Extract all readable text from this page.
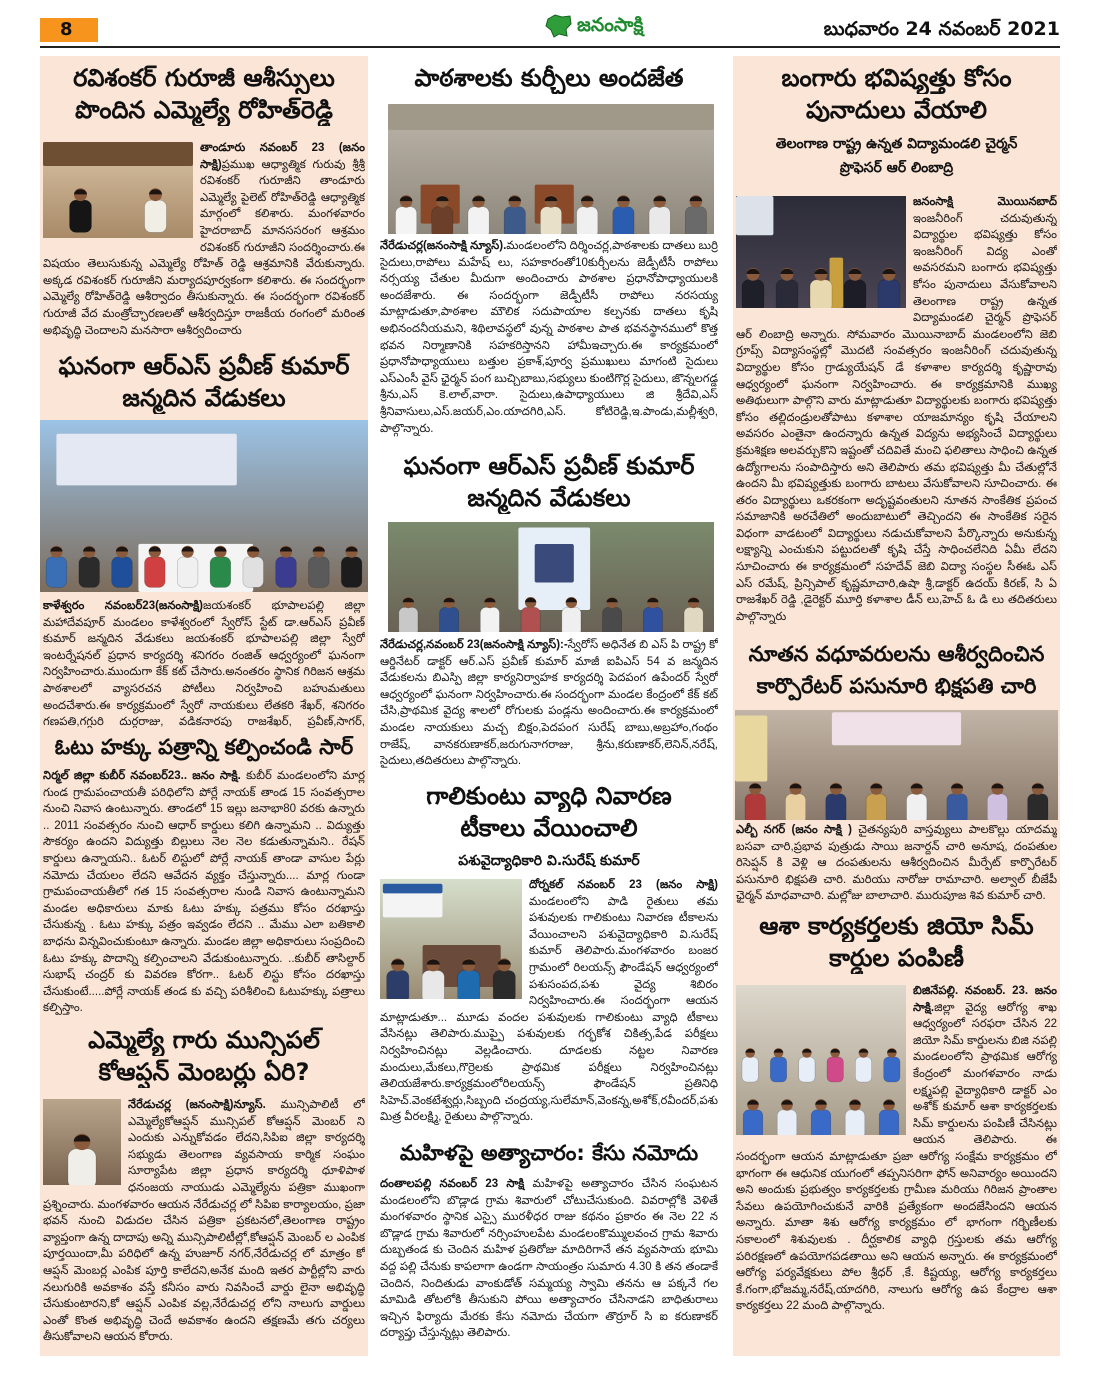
8	జనంసాక్షి	బుధవారం 24 నవంబర్ 2021
రవిశంకర్ గురూజీ ఆశీస్సులు
పొందిన ఎమ్మెల్యే రోహిత్‌రెడ్డి
తాండూరు నవంబర్ 23 (జనం సాక్షి)ప్రముఖ ఆధ్యాత్మిక గురువు శ్రీశ్రీ రవిశంకర్ గురూజీని తాండూరు ఎమ్మెల్యే పైలెట్ రోహిత్‌రెడ్డి ఆధ్యాత్మిక మార్గంలో కలిశారు. మంగళవారం హైదరాబాద్ మానససరంగ ఆశ్రమం రవిశంకర్ గురూజీని సందర్శించారు.ఈ విషయం తెలుసుకున్న ఎమ్మెల్యే రోహిత్ రెడ్డి ఆశ్రమానికి వేరుకున్నారు. అక్కడ రవిశంకర్ గురూజీని మర్యాదపూర్వకంగా కలిశారు. ఈ సందర్భంగా ఎమ్మెల్యే రోహిత్‌రెడ్డి ఆశీర్వాదం తీసుకున్నారు. ఈ సందర్భంగా రవిశంకర్ గురూజీ వేద మంత్రోచ్ఛారణలతో ఆశీర్వదిస్తూ రాజకీయ రంగంలో మరింత అభివృద్ధి చెందాలని మనసారా ఆశీర్వదించారు
ఘనంగా ఆర్ఎస్ ప్రవీణ్ కుమార్
జన్మదిన వేడుకలు
కాళేశ్వరం నవంబర్23(జనంసాక్షి)జయశంకర్ భూపాలపల్లి జిల్లా మహాదేవపూర్ మండలం కాళేశ్వరంలో స్వేరోస్ స్టేట్ డా.ఆర్ఎస్ ప్రవీణ్ కుమార్ జన్మదిన వేడుకలు జయశంకర్ భూపాలపల్లి జిల్లా స్వేరో ఇంటర్నేషనల్ ప్రధాన కార్యదర్శి శనిగరం రంజిత్ ఆధ్వర్యంలో ఘనంగా నిర్వహించారు.ముందుగా కేక్ కట్ చేసారు.అనంతరం స్థానిక గిరిజన ఆశ్రమ పాఠశాలలో వ్యాసరచన పోటీలు నిర్వహించి బహుమతులు అందచేశారు.ఈ కార్యక్రమంలో స్వేరో నాయకులు లేతకరి శేఖర్, శనిగరం గణపతి,గగ్గురి దుర్గరాజు, వడికనారపు రాజశేఖర్, ప్రవీణ్,సాగర్,
ఓటు హక్కు పత్రాన్ని కల్పించండి సార్
నిర్మల్ జిల్లా కుబీర్ నవంబర్23.. జనం సాక్షి. కుబీర్ మండలంలోని మార్ల గుండ గ్రామపంచాయతీ పరిధిలోని పోర్లే నాయక్ తాండ 15 సంవత్సరాల నుంచి నివాస ఉంటున్నారు. తాండలో 15 ఇల్లు జనాభా80 వరకు ఉన్నారు .. 2011 సంవత్సరం నుంచి ఆధార్ కార్డులు కలిగి ఉన్నామని .. విద్యుత్తు సౌకర్యం ఉందని విద్యుత్తు బిల్లులు నెల నెల కడుతున్నామని.. రేషన్ కార్డులు ఉన్నాయని.. ఓటర్ లిస్టులో పోర్లే నాయక్ తాండా వాసుల పేర్లు నమోదు చేయలం లేదని ఆవేదన వ్యక్తం చేస్తున్నారు.... మార్ల గుండా గ్రామపంచాయతీలో గత 15 సంవత్సరాల నుండి నివాస ఉంటున్నామని మండల అధికారులు మాకు ఓటు హక్కు పత్రము కోసం దరఖాస్తు చేసుకున్న . ఓటు హక్కు పత్రం ఇవ్వడం లేదని .. మేము ఎలా బతికాలి బాధను విన్నవించుకుంటూ ఉన్నారు. మండల జిల్లా అధికారులు సంప్రదించి ఓటు హక్కు పొదాన్ని కల్పించాలని వేడుకుంటున్నారు. ..కుబీర్ తాసిల్దార్ సుభాష్ చంద్రర్ కు వివరణ కోరగా.. ఓటర్ లిస్టు కోసం దరఖాస్తు చేసుకుంటే.....పోర్లే నాయక్ తండ కు వచ్చి పరిశీలించి ఓటుహక్కు పత్రాలు కల్పిస్తాం.
ఎమ్మెల్యే గారు మున్సిపల్
కోఆప్షన్ మెంబర్లు ఏరి?
నేరేడుచర్ల (జనంసాక్షి)న్యూస్. మున్సిపాలిటీ లో ఎమ్మెల్యేకోఆప్షన్ మున్సిపల్ కోఆప్షన్ మెంబర్ ని ఎందుకు ఎన్నుకోవడం లేదని,సిపిఐ జిల్లా కార్యదర్శి సభ్యుడు తెలంగాణ వ్యవసాయ కార్మిక సంఘం సూర్యాపేట జిల్లా ప్రధాన కార్యదర్శి ధూళిపాళ ధనంజయ నాయుడు ఎమ్మెల్యేను పత్రికా ముఖంగా ప్రశ్నించారు. మంగళవారం ఆయన నేరేడుచర్ల లో సిపిఐ కార్యాలయం, ప్రజా భవన్ నుంచి విడుదల చేసిన పత్రికా ప్రకటనలో,తెలంగాణ రాష్ట్రం వ్యాప్తంగా ఉన్న దాదాపు అన్ని మున్సిపాలిటీల్లో,కోఆప్షన్ మెంబర్ ల ఎంపిక పూర్తయిందా,మీ పరిధిలో ఉన్న హుజూర్ నగర్,నేరేడుచర్ల లో మాత్రం కో ఆప్షన్ మెంబర్ల ఎంపిక పూర్తి కాలేదని,అనేక మంది ఇతర పార్టీల్లోని వారు నలుగురికి అవకాశం వస్తే కనీసం వారు నివసించే వార్డు లైనా అభివృద్ధి చేసుకుంటారని,కో ఆప్షన్ ఎంపిక వల్ల,నేరేడుచర్ల లోని నాలుగు వార్డులు ఎంతో కొంత అభివృద్ధి చెందే అవకాశం ఉందని తక్షణమే తగు చర్యలు తీసుకోవాలని ఆయన కోరారు.
పాఠశాలకు కుర్చీలు అందజేత
నేరేడుచర్ల(జనంసాక్షి న్యూస్).మండలంలోని దిర్శించర్ల,పాఠశాలకు దాతలు బుర్రి సైదులు,రాపోలు మహేష్ లు, సహకారంతో10కుర్చీలను జెడ్పీటీసీ రాపోలు నర్సయ్య చేతుల మీదుగా అందించారు పాఠశాల ప్రధానోపాధ్యాయులకి అందజేశారు. ఈ సందర్భంగా జెడ్పీటీసీ రాపోలు నరసయ్య మాట్లాడుతూ,పాఠశాల మౌలిక సదుపాయాల కల్పనకు దాతలు కృషి అభినందనీయమని, శిథిలావస్థలో వున్న పాఠశాల పాత భవనస్థానములో కొత్త భవన నిర్మాణానికి సహకరిస్తానని హామీఇచ్చారు.ఈ కార్యక్రమంలో ప్రధానోపాధ్యాయులు బత్తుల ప్రకాశ్,పూర్వ ప్రముఖులు మాగంటి సైదులు ఎస్ఎంసీ వైస్ ఛైర్మన్ పంగ బుచ్చిబాబు,సభ్యులు కుంటిగొర్ల సైదులు, జొన్నలగడ్డ శ్రీను,ఎస్ కె.లాల్,వారా. సైదులు,ఉపాధ్యాయులు జి శ్రీదేవి,ఎస్ శ్రీనివాసులు,ఎస్.జయర్,ఎం.యాదగిరి,ఎస్. కోటిరెడ్డి,ఇ.పాండు,మల్లీశ్వరి, పాల్గొన్నారు.
ఘనంగా ఆర్ఎస్ ప్రవీణ్ కుమార్
జన్మదిన వేడుకలు
నేరేడుచర్ల,నవంబర్ 23(జనంసాక్షి న్యూస్):-స్వేరోస్ అధినేత బి ఎస్ పి రాష్ట్ర కో ఆర్డినేటర్ డాక్టర్ ఆర్.ఎస్ ప్రవీణ్ కుమార్ మాజీ ఐపిఎస్ 54 వ జన్మదిన వేడుకలను బిఎస్పి జిల్లా కార్యనిర్వాహక కార్యదర్శి పెదపంగ ఉపేందర్ స్వేరో ఆధ్వర్యంలో ఘనంగా నిర్వహించారు.ఈ సందర్భంగా మండల కేంద్రంలో కేక్ కట్ చేసి,ప్రాథమిక వైద్య శాలలో రోగులకు పండ్లను అందించారు.ఈ కార్యక్రమంలో మండల నాయకులు మచ్చ బిక్షం,పెదపంగ సురేష్ బాబు,అబ్రహాం,గంథం రాజేష్, వానకరుణాకర్,జరుగునాగరాజు, శ్రీను,కరుణాకర్,లెనిన్,నరేష్, సైదులు,తదితరులు పాల్గొన్నారు.
గాలికుంటు వ్యాధి నివారణ
టీకాలు వేయించాలి
పశువైద్యాధికారి వి.సురేష్ కుమార్
దోర్నకల్ నవంబర్ 23 (జనం సాక్షి) మండలంలోని పాడి రైతులు తమ పశువులకు గాలికుంటు నివారణ టీకాలను వేయించాలని పశువైద్యాధికారి వి.సురేష్ కుమార్ తెలిపారు.మంగళవారం బంజర గ్రామంలో రిలయన్స్ ఫౌండేషన్ ఆధ్వర్యంలో పశుసంపద,పశు వైద్య శిబిరం నిర్వహించారు.ఈ సందర్భంగా ఆయన మాట్లాడుతూ... మూడు వందల పశువులకు గాలికుంటు వ్యాధి టీకాలు వేసినట్లు తెలిపారు.ముప్పై పశువులకు గర్భకోశ చికిత్స,పేడ పరీక్షలు నిర్వహించినట్లు వెల్లడించారు. దూడలకు నట్టల నివారణ మందులు,మేకలు,గొర్రెలకు ప్రాథమిక పరీక్షలు నిర్వహించినట్లు తెలియజేశారు.కార్యక్రమంలోరిలయన్స్ ఫౌండేషన్ ప్రతినిధి సిహెచ్.వెంకటేశ్వర్లు,సిబ్బంది చంద్రయ్య,సులేమాన్,వెంకన్న,అశోక్,రవీందర్,పశు మిత్ర వీరలక్ష్మి, రైతులు పాల్గొన్నారు.
మహిళపై అత్యాచారం: కేసు నమోదు
దంతాలపల్లి నవంబర్ 23 సాక్షి మహిళపై అత్యాచారం చేసిన సంఘటన మండలంలోని బొడ్లాడ గ్రామ శివారులో చోటుచేసుకుంది. వివరాల్లోకి వెళితే మంగళవారం స్థానిక ఎస్సై మురళీధర రాజు కథనం ప్రకారం ఈ నెల 22 న బొడ్లాడ గ్రామ శివారులో నర్సింహులపేట మండలంకొమ్ములవంచ గ్రామ శివారు దుబ్బతండ కు చెందిన మహిళ ప్రతిరోజు మాదిరిగానే తన వ్యవసాయ భూమి వద్ద పల్లి చేనుకు కాపలాగా ఉండగా సాయంత్రం సుమారు 4.30 కి తన తండాకే చెందిన, నిందితుడు వాంకుడోత్ సమ్మయ్య స్వామి తనను ఆ పక్కనే గల మామిడి తోటలోకి తీసుకుని పోయి అత్యాచారం చేసినాడని బాధితురాలు ఇచ్చిన ఫిర్యాదు మేరకు కేసు నమోదు చేయగా తొర్రూర్ సి ఐ కరుణాకర్ దర్యాప్తు చేస్తున్నట్లు తెలిపారు.
బంగారు భవిష్యత్తు కోసం
పునాదులు వేయాలి
తెలంగాణ రాష్ట్ర ఉన్నత విద్యామండలి చైర్మన్
ప్రొఫెసర్ ఆర్ లింబాద్రి
జనంసాక్షి మొయినబాద్ ఇంజనీరింగ్ చదువుతున్న విద్యార్థుల భవిష్యత్తు కోసం ఇంజనీరింగ్ విద్య ఎంతో అవసరమని బంగారు భవిష్యత్తు కోసం పునాదులు వేసుకోవాలని తెలంగాణ రాష్ట్ర ఉన్నత విద్యామండలి చైర్మన్ ప్రొఫెసర్ ఆర్ లింబాద్రి అన్నారు. సోమవారం మొయినాబాద్ మండలంలోని జెబి గ్రూప్స్ విద్యాసంస్థల్లో మొదటి సంవత్సరం ఇంజనీరింగ్ చదువుతున్న విద్యార్థుల కోసం గ్రాడ్యుయేషన్ డే కళాశాల కార్యదర్శి కృష్ణారావు ఆధ్వర్యంలో ఘనంగా నిర్వహించారు. ఈ కార్యక్రమానికి ముఖ్య అతిథులుగా పాల్గొని వారు మాట్లాడుతూ విద్యార్థులకు బంగారు భవిష్యత్తు కోసం తల్లిదండ్రులతోపాటు కళాశాల యాజమాన్యం కృషి చేయాలని అవసరం ఎంతైనా ఉందన్నారు ఉన్నత విద్యను అభ్యసించే విద్యార్థులు క్రమశిక్షణ అలవర్చుకొని ఇష్టంతో చదివితే మంచి ఫలితాలు సాధించి ఉన్నత ఉద్యోగాలను సంపాదిస్తారు అని తెలిపారు తమ భవిష్యత్తు మీ చేతుల్లోనే ఉందని మీ భవిష్యత్తుకు బంగారు బాటలు వేసుకోవాలని సూచించారు. ఈ తరం విద్యార్థులు ఒకరకంగా అదృష్టవంతులని నూతన సాంకేతిక ప్రపంచ సమాజానికి అరచేతిలో అందుబాటులో తెచ్చిందని ఈ సాంకేతిక సరైన విధంగా వాడటంలో విద్యార్థులు నడుచుకోవాలని పేర్కొన్నారు అనుకున్న లక్ష్యాన్ని ఎంచుకుని పట్టుదలతో కృషి చేస్తే సాధించలేనిది ఏమీ లేదని సూచించారు ఈ కార్యక్రమంలో సహదేవ్ జెబి విద్యా సంస్థల సీఈఓ ఎస్ ఎస్ రమేష్, ప్రిన్సిపాల్ కృష్ణమాచారి,ఉషా శ్రీ,డాక్టర్ ఉదయ్ కిరణ్, సి ఏ రాజశేఖర్ రెడ్డి ,డైరెక్టర్ మూర్తి కళాశాల డీన్ లు,హెచ్ ఓ డి లు తదితరులు పాల్గొన్నారు
నూతన వధూవరులను ఆశీర్వదించిన
కార్పొరేటర్ పసునూరి భిక్షపతి చారి
ఎల్బీ నగర్ (జనం సాక్షి ) చైతన్యపురి వాస్తవ్యులు పాలకొల్లు యాదమ్మ బసవా చారి,ప్రభావ పుత్రుడు సాయి జనార్దన్ చారి అనూష, దంపతుల రిసెప్షన్ కి వెళ్లి ఆ దంపతులను ఆశీర్వదించిన మీర్పేట్ కార్పొరేటర్ పసునూరి భిక్షపతి చారి. మరియు నారోజు రామాచారి. అల్వాల్ బీజేపీ ఛైర్మన్ మాధవాచారి. మల్లోజు బాలాచారి. మురుపూజ శివ కుమార్ చారి.
ఆశా కార్యకర్తలకు జియో సిమ్
కార్డుల పంపిణీ
బిజినేపల్లి. నవంబర్. 23. జనం సాక్షి.జిల్లా వైద్య ఆరోగ్య శాఖ ఆధ్వర్యంలో సరఫరా చేసిన 22 జియో సిమ్ కార్డులను బిజి నపల్లి మండలంలోని ప్రాథమిక ఆరోగ్య కేంద్రంలో మంగళవారం నాడు లక్ష్మపల్లి వైద్యాధికారి డాక్టర్ ఎం అశోక్ కుమార్ ఆశా కార్యకర్తలకు సిమ్ కార్డులను పంపిణీ చేసినట్లు ఆయన తెలిపారు. ఈ సందర్భంగా ఆయన మాట్లాడుతూ ప్రజా ఆరోగ్య సంక్షేమ కార్యక్రమం లో భాగంగా ఈ ఆధునిక యుగంలో తప్పనిసరిగా ఫోన్ అనివార్యం అయిందని అని అందుకు ప్రభుత్వం కార్యకర్తలకు గ్రామీణ మరియు గిరిజన ప్రాంతాల సేవలు ఉపయోగించుకునే వారికి ప్రత్యేకంగా అందజేసిందని ఆయన అన్నారు. మాతా శిశు ఆరోగ్య కార్యక్రమం లో భాగంగా గర్భిణీలకు సకాలంలో శిశువులకు . దీర్ఘకాలిక వ్యాధి గ్రస్తులకు తమ ఆరోగ్య పరిరక్షణలో ఉపయోగపడతాయి అని ఆయన అన్నారు. ఈ కార్యక్రమంలో ఆరోగ్య పర్యవేక్షకులు పోల శ్రీధర్ ,కే. కిష్టయ్య, ఆరోగ్య కార్యకర్తలు కే.గంగా,భోజమ్మ,నరేష్,యాదగిరి, నాలుగు ఆరోగ్య ఉప కేంద్రాల ఆశా కార్యకర్తలు 22 మంది పాల్గొన్నారు.
